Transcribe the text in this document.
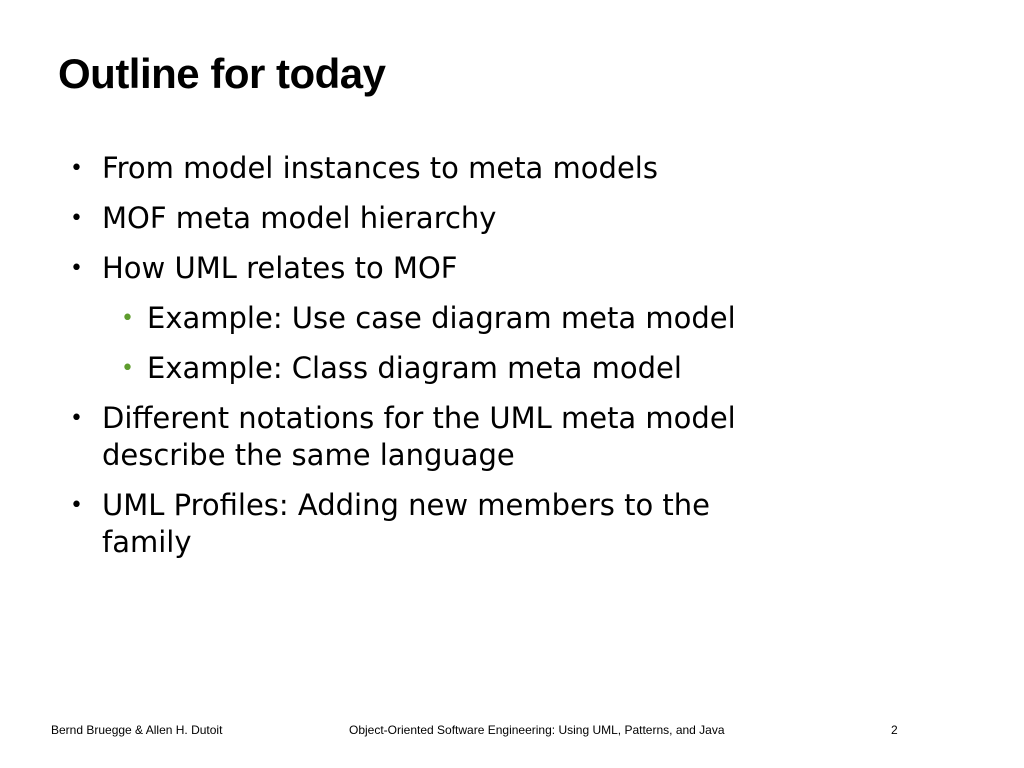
Outline for today
• From model instances to meta models
• MOF meta model hierarchy
• How UML relates to MOF
• Example: Use case diagram meta model
• Example: Class diagram meta model
• Different notations for the UML meta model describe the same language
• UML Profiles: Adding new members to the family
Bernd Bruegge & Allen H. Dutoit	Object-Oriented Software Engineering: Using UML, Patterns, and Java	2
